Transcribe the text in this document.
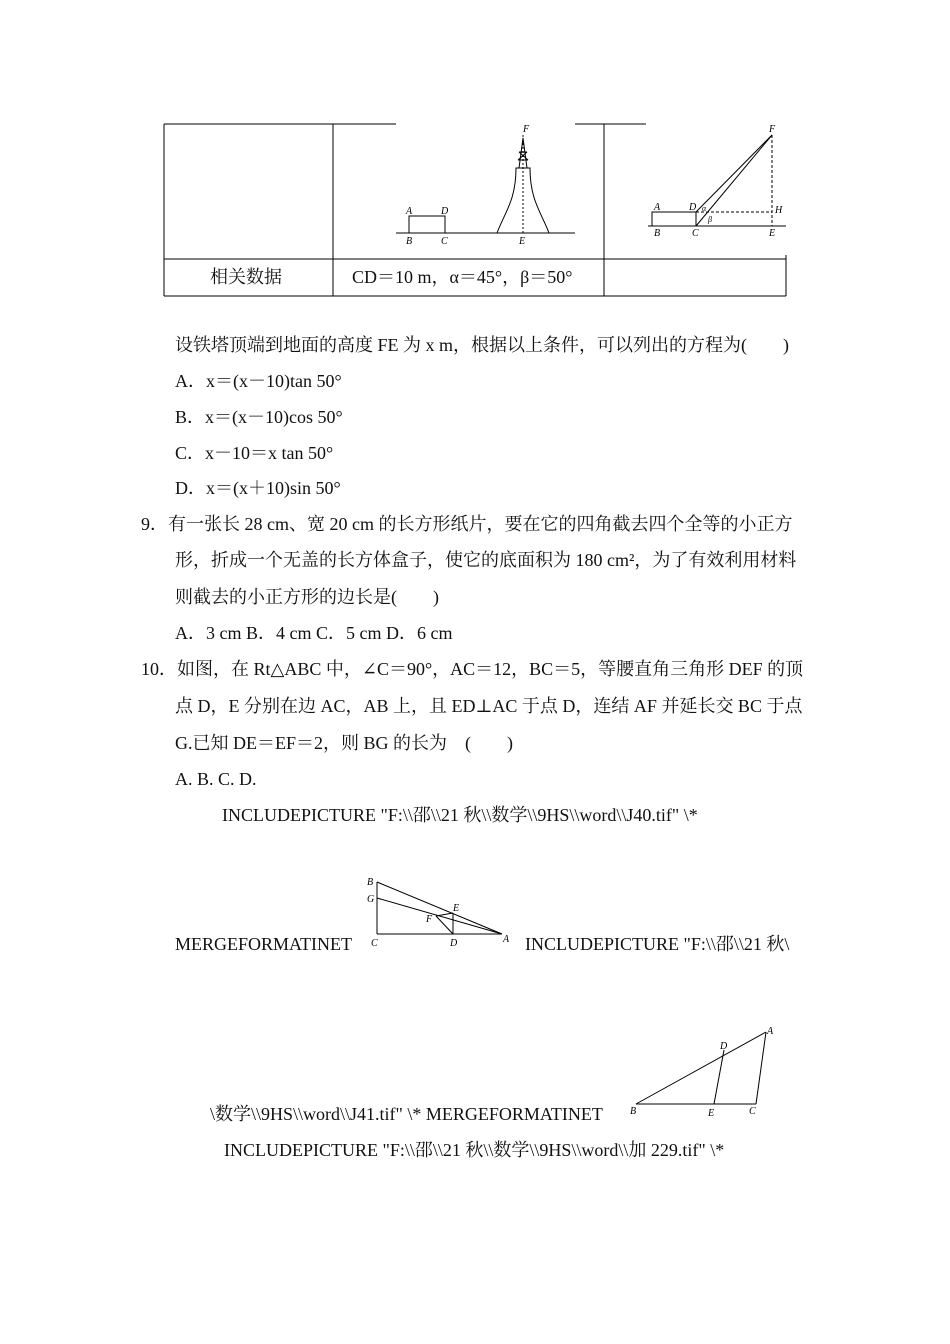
F
A	D
B	C	E
F
A	D	H
B	C	E
α
β
相关数据	CD＝10 m，α＝45°，β＝50°
设铁塔顶端到地面的高度 FE 为 x m，根据以上条件，可以列出的方程为(　　)
A．x＝(x－10)tan 50°
B．x＝(x－10)cos 50°
C．x－10＝x tan 50°
D．x＝(x＋10)sin 50°
9．有一张长 28 cm、宽 20 cm 的长方形纸片，要在它的四角截去四个全等的小正方
形，折成一个无盖的长方体盒子，使它的底面积为 180 cm²，为了有效利用材料
则截去的小正方形的边长是(　　)
A．3 cm B．4 cm C．5 cm D．6 cm
10．如图，在 Rt△ABC 中，∠C＝90°，AC＝12，BC＝5，等腰直角三角形 DEF 的顶
点 D，E 分别在边 AC，AB 上，且 ED⊥AC 于点 D，连结 AF 并延长交 BC 于点
G.已知 DE＝EF＝2，则 BG 的长为　(　　)
A. B. C. D.
INCLUDEPICTURE "F:\\邵\\21 秋\\数学\\9HS\\word\\J40.tif" \*
MERGEFORMATINET
B
G
E
F
C	D	A INCLUDEPICTURE "F:\\邵\\21 秋\
\数学\\9HS\\word\\J41.tif" \* MERGEFORMATINET
A
D
B	E	C
INCLUDEPICTURE "F:\\邵\\21 秋\\数学\\9HS\\word\\加 229.tif" \*
